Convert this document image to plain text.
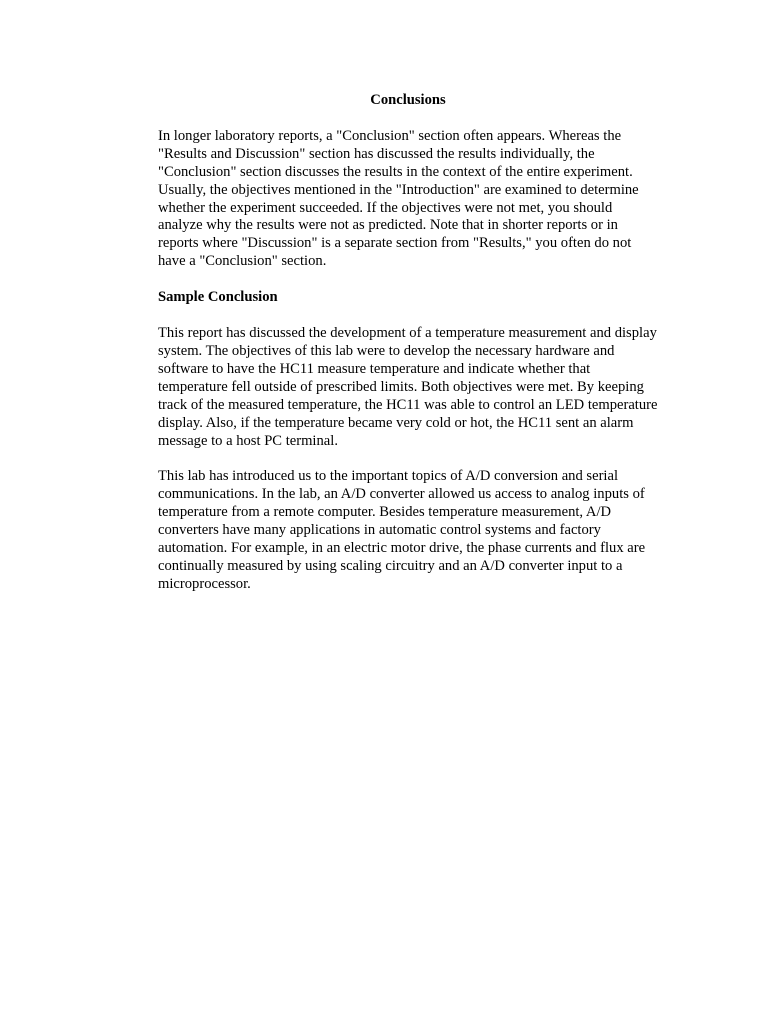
Conclusions

In longer laboratory reports, a "Conclusion" section often appears. Whereas the "Results and Discussion" section has discussed the results individually, the "Conclusion" section discusses the results in the context of the entire experiment. Usually, the objectives mentioned in the "Introduction" are examined to determine whether the experiment succeeded. If the objectives were not met, you should analyze why the results were not as predicted. Note that in shorter reports or in reports where "Discussion" is a separate section from "Results," you often do not have a "Conclusion" section.

Sample Conclusion

This report has discussed the development of a temperature measurement and display system. The objectives of this lab were to develop the necessary hardware and software to have the HC11 measure temperature and indicate whether that temperature fell outside of prescribed limits. Both objectives were met. By keeping track of the measured temperature, the HC11 was able to control an LED temperature display. Also, if the temperature became very cold or hot, the HC11 sent an alarm message to a host PC terminal.

This lab has introduced us to the important topics of A/D conversion and serial communications. In the lab, an A/D converter allowed us access to analog inputs of temperature from a remote computer. Besides temperature measurement, A/D converters have many applications in automatic control systems and factory automation. For example, in an electric motor drive, the phase currents and flux are continually measured by using scaling circuitry and an A/D converter input to a microprocessor.
